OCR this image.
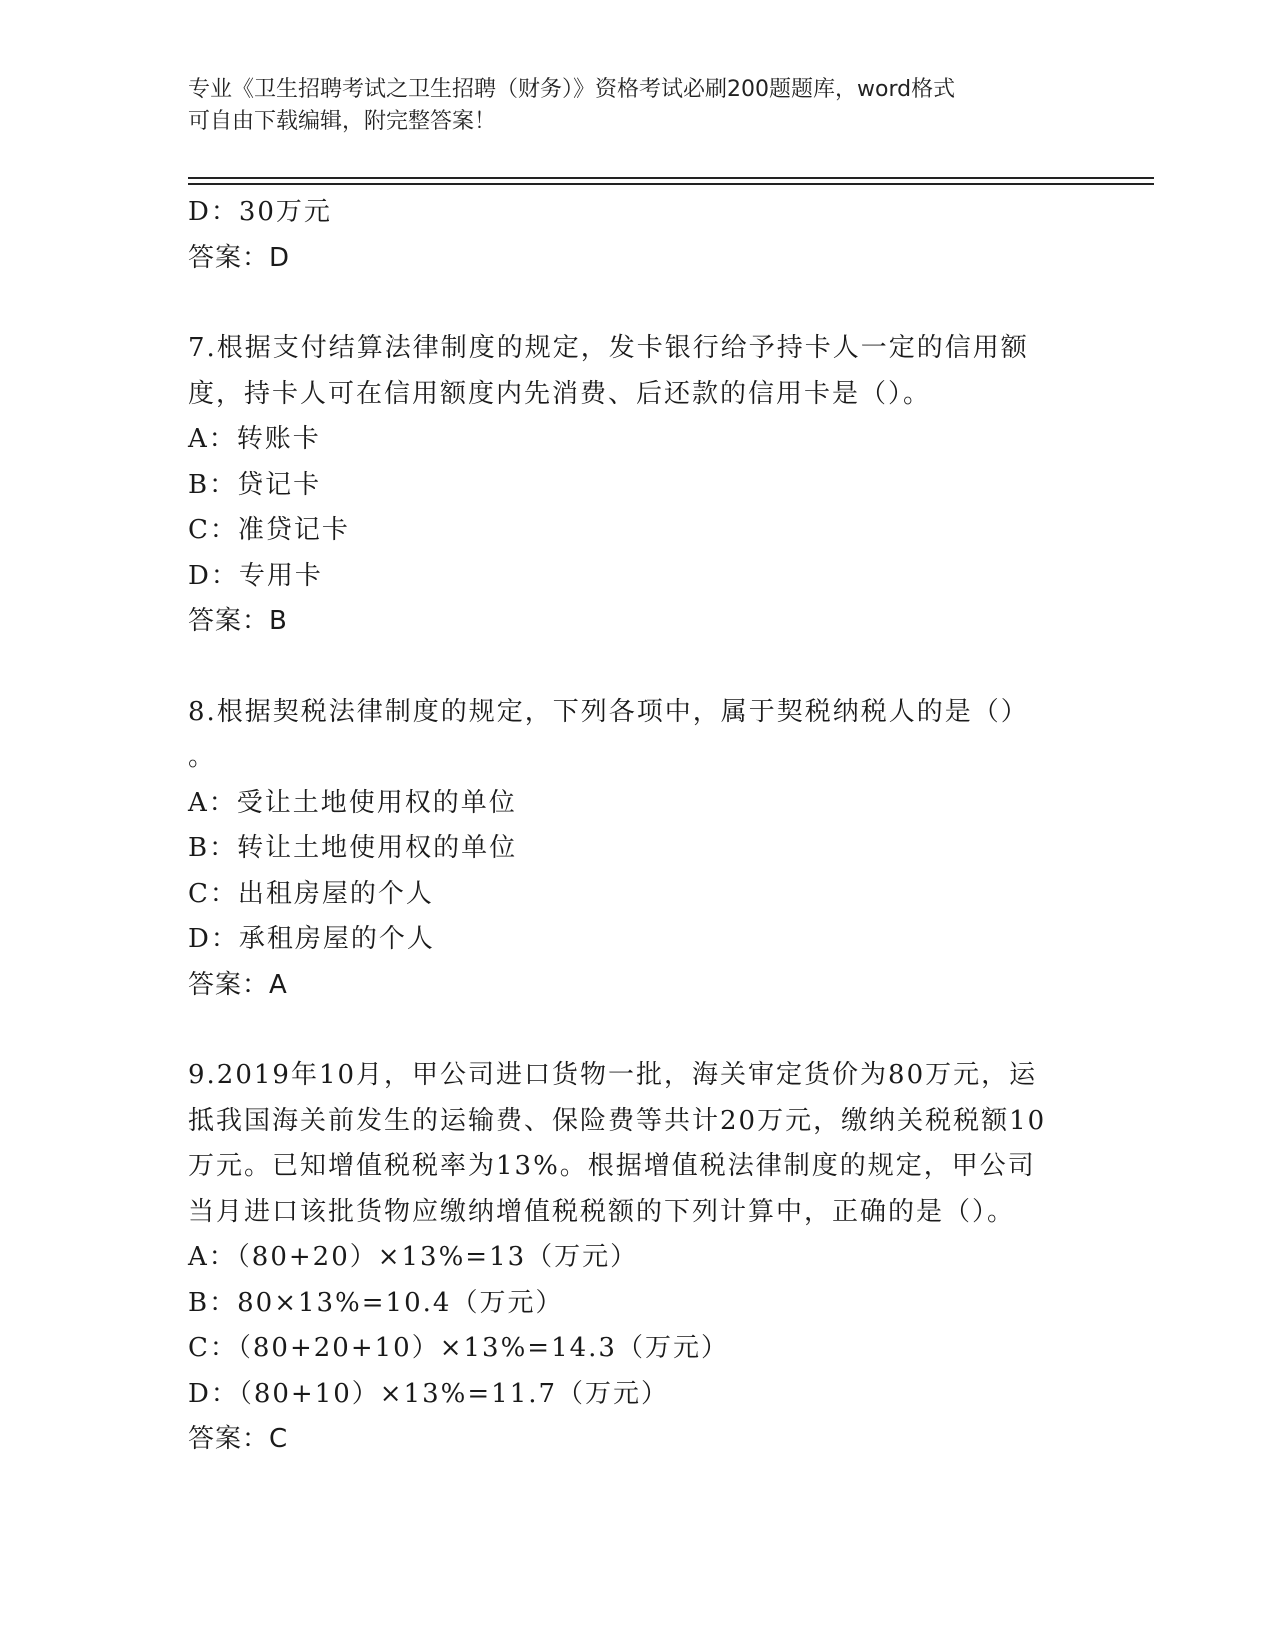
专业《卫生招聘考试之卫生招聘（财务）》资格考试必刷200题题库，word格式
可自由下载编辑，附完整答案！
D：30万元
答案：D
7.根据支付结算法律制度的规定，发卡银行给予持卡人一定的信用额
度，持卡人可在信用额度内先消费、后还款的信用卡是（）。
A：转账卡
B：贷记卡
C：准贷记卡
D：专用卡
答案：B
8.根据契税法律制度的规定，下列各项中，属于契税纳税人的是（）
。
A：受让土地使用权的单位
B：转让土地使用权的单位
C：出租房屋的个人
D：承租房屋的个人
答案：A
9.2019年10月，甲公司进口货物一批，海关审定货价为80万元，运
抵我国海关前发生的运输费、保险费等共计20万元，缴纳关税税额10
万元。已知增值税税率为13%。根据增值税法律制度的规定，甲公司
当月进口该批货物应缴纳增值税税额的下列计算中，正确的是（）。
A：（80+20）×13%=13（万元）
B：80×13%=10.4（万元）
C：（80+20+10）×13%=14.3（万元）
D：（80+10）×13%=11.7（万元）
答案：C
